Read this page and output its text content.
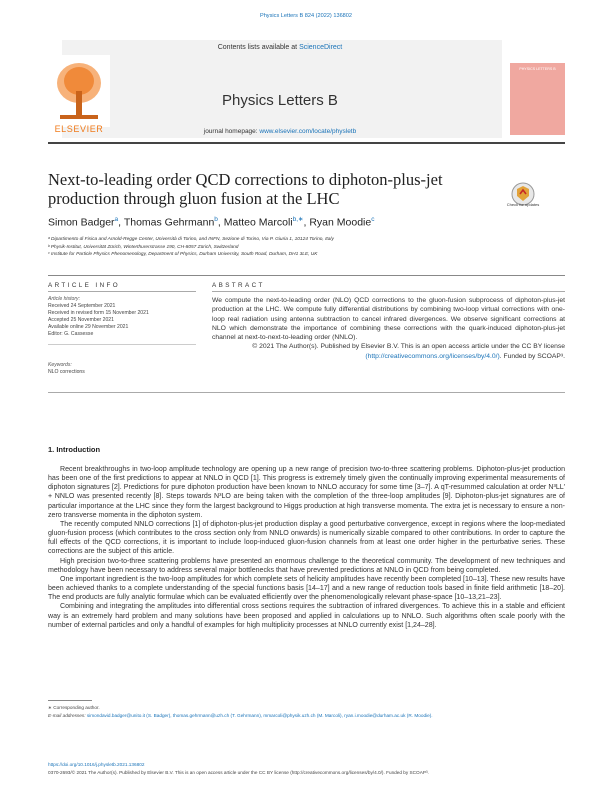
Physics Letters B 824 (2022) 136802
Contents lists available at ScienceDirect
Physics Letters B
journal homepage: www.elsevier.com/locate/physletb
ELSEVIER
PHYSICS LETTERS B
Next-to-leading order QCD corrections to diphoton-plus-jet production through gluon fusion at the LHC	Check for updates
Simon Badger$^a$, Thomas Gehrmann$^b$, Matteo Marcoli$^{b,∗}$, Ryan Moodie$^c$
ᵃ Dipartimento di Fisica and Arnold-Regge Center, Università di Torino, and INFN, Sezione di Torino, Via P. Giuria 1, 10124 Torino, Italy
ᵇ Physik-Institut, Universität Zürich, Winterthurerstrasse 190, CH-8057 Zürich, Switzerland
ᶜ Institute for Particle Physics Phenomenology, Department of Physics, Durham University, South Road, Durham, DH1 3LE, UK
ARTICLE INFO	ABSTRACT
Article history:
Received 24 September 2021
Received in revised form 15 November 2021
Accepted 25 November 2021
Available online 29 November 2021
Editor: G. Cassesse
Keywords:
NLO corrections

We compute the next-to-leading order (NLO) QCD corrections to the gluon-fusion subprocess of diphoton-plus-jet production at the LHC. We compute fully differential distributions by combining two-loop virtual corrections with one-loop real radiation using antenna subtraction to cancel infrared divergences. We observe significant corrections at NLO which demonstrate the importance of combining these corrections with the quark-induced diphoton-plus-jet channel at next-to-next-to-leading order (NNLO).

© 2021 The Author(s). Published by Elsevier B.V. This is an open access article under the CC BY license
(http://creativecommons.org/licenses/by/4.0/). Funded by SCOAP³.

1. Introduction

Recent breakthroughs in two-loop amplitude technology are opening up a new range of precision two-to-three scattering problems. Diphoton-plus-jet production has been one of the first predictions to appear at NNLO in QCD [1]. This progress is extremely timely given the continually improving experimental measurements of diphoton signatures [2]. Predictions for pure diphoton production have been known to NNLO accuracy for some time [3–7]. A qT-resummed calculation at order N³LL′ + NNLO was presented recently [8]. Steps towards N³LO are being taken with the completion of the three-loop amplitudes [9]. Diphoton-plus-jet signatures are of particular importance at the LHC since they form the largest background to Higgs production at high transverse momenta. The extra jet is necessary to ensure a non-zero transverse momenta in the diphoton system.

The recently computed NNLO corrections [1] of diphoton-plus-jet production display a good perturbative convergence, except in regions where the loop-mediated gluon-fusion process (which contributes to the cross section only from NNLO onwards) is numerically sizable compared to other contributions. In order to capture the full effects of the QCD corrections, it is important to include loop-induced gluon-fusion channels from at least one order higher in the perturbative series. These corrections are the subject of this article.

High precision two-to-three scattering problems have presented an enormous challenge to the theoretical community. The development of new techniques and methodology have been necessary to address several major bottlenecks that have prevented predictions at NNLO in QCD from being completed.

One important ingredient is the two-loop amplitudes for which complete sets of helicity amplitudes have recently been completed [10–13]. These new results have been achieved thanks to a complete understanding of the special functions basis [14–17] and a new range of reduction tools based in finite field arithmetic [18–20]. The end products are fully analytic formulae which can be evaluated efficiently over the phenomenologically relevant phase-space [10–13,21–23].

Combining and integrating the amplitudes into differential cross sections requires the subtraction of infrared divergences. To achieve this in a stable and efficient way is an extremely hard problem and many solutions have been proposed and applied in calculations up to NNLO. Such algorithms often scale poorly with the number of external particles and only a handful of examples for high multiplicity processes at NNLO currently exist [1,24–28].

∗ Corresponding author.
E-mail addresses: simondavid.badger@unito.it (S. Badger), thomas.gehrmann@uzh.ch (T. Gehrmann), mmarcoli@physik.uzh.ch (M. Marcoli), ryan.i.moodie@durham.ac.uk (R. Moodie).
https://doi.org/10.1016/j.physletb.2021.136802
0370-2693/© 2021 The Author(s). Published by Elsevier B.V. This is an open access article under the CC BY license (http://creativecommons.org/licenses/by/4.0/). Funded by SCOAP³.
